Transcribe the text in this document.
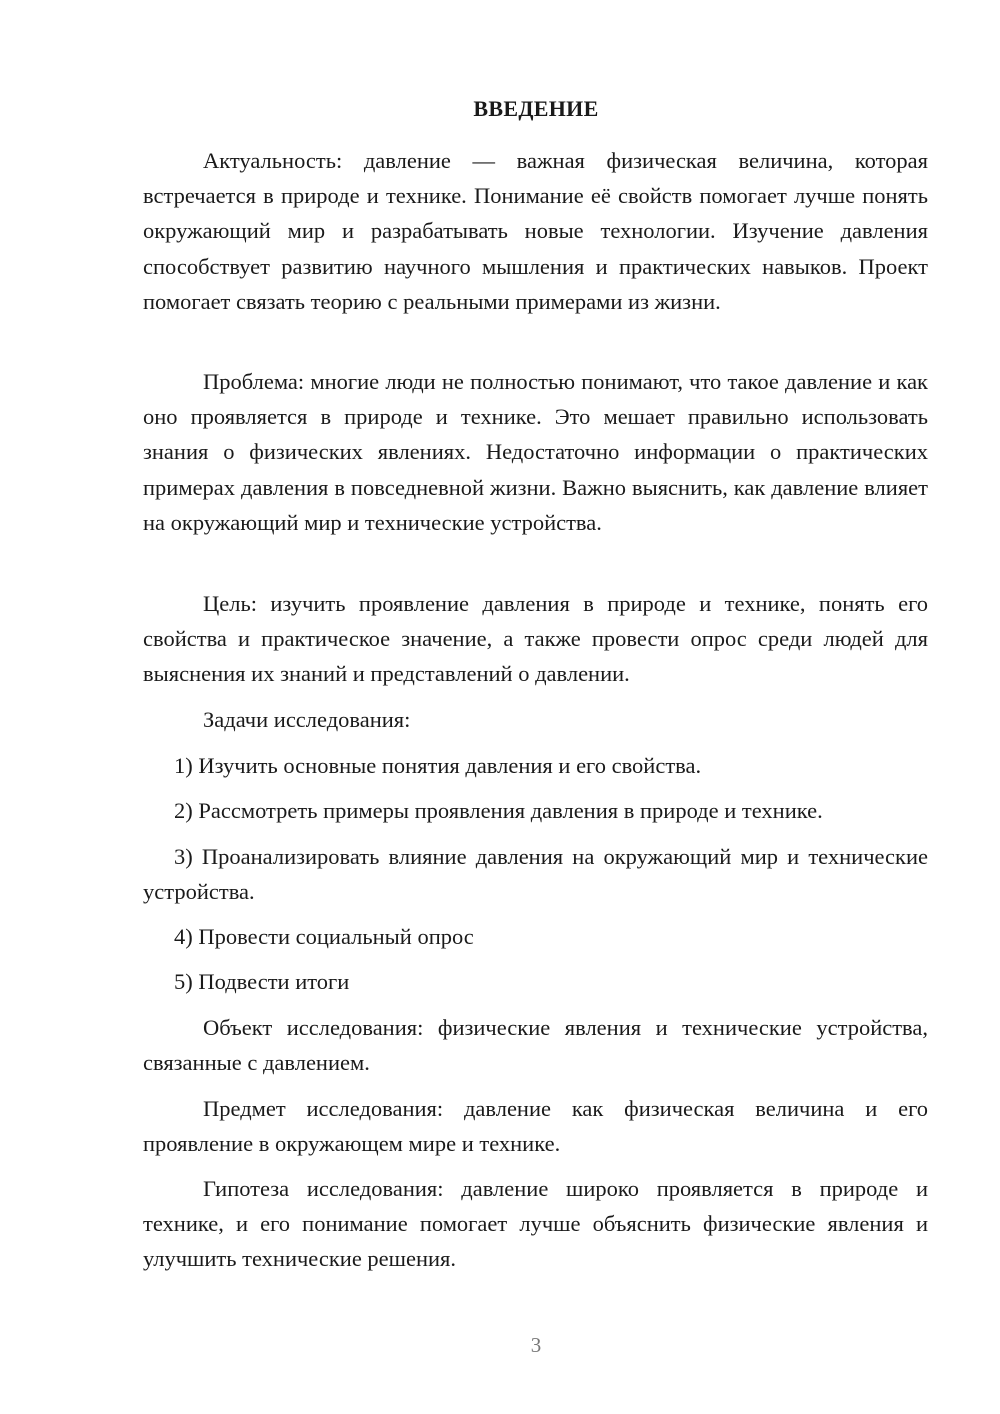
ВВЕДЕНИЕ

Актуальность: давление — важная физическая величина, которая встречается в природе и технике. Понимание её свойств помогает лучше понять окружающий мир и разрабатывать новые технологии. Изучение давления способствует развитию научного мышления и практических навыков. Проект помогает связать теорию с реальными примерами из жизни.

Проблема: многие люди не полностью понимают, что такое давление и как оно проявляется в природе и технике. Это мешает правильно использовать знания о физических явлениях. Недостаточно информации о практических примерах давления в повседневной жизни. Важно выяснить, как давление влияет на окружающий мир и технические устройства.

Цель: изучить проявление давления в природе и технике, понять его свойства и практическое значение, а также провести опрос среди людей для выяснения их знаний и представлений о давлении.

Задачи исследования:

1) Изучить основные понятия давления и его свойства.

2) Рассмотреть примеры проявления давления в природе и технике.

3) Проанализировать влияние давления на окружающий мир и технические устройства.

4) Провести социальный опрос

5) Подвести итоги

Объект исследования: физические явления и технические устройства, связанные с давлением.

Предмет исследования: давление как физическая величина и его проявление в окружающем мире и технике.

Гипотеза исследования: давление широко проявляется в природе и технике, и его понимание помогает лучше объяснить физические явления и улучшить технические решения.

3
